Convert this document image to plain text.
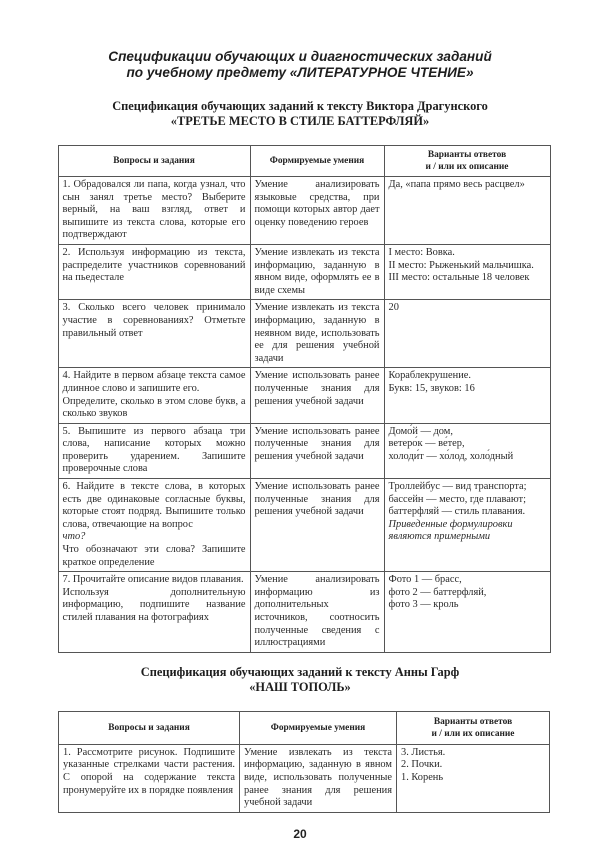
Спецификации обучающих и диагностических заданий
по учебному предмету «ЛИТЕРАТУРНОЕ ЧТЕНИЕ»
Спецификация обучающих заданий к тексту Виктора Драгунского
«ТРЕТЬЕ МЕСТО В СТИЛЕ БАТТЕРФЛЯЙ»
Вопросы и задания	Формируемые умения	Варианты ответов
и / или их описание

1. Обрадовался ли папа, когда узнал, что сын занял третье место? Выберите верный, на ваш взгляд, ответ и выпишите из текста слова, которые его подтверждают	Умение анализировать языковые средства, при помощи которых автор дает оценку поведению героев	Да, «папа прямо весь расцвел»

2. Используя информацию из текста, распределите участников соревнований на пьедестале	Умение извлекать из текста информацию, заданную в явном виде, оформлять ее в виде схемы	I место: Вовка.
II место: Рыженький мальчишка.
III место: остальные 18 человек

3. Сколько всего человек принимало участие в соревнованиях? Отметьте правильный ответ	Умение извлекать из текста информацию, заданную в неявном виде, использовать ее для решения учебной задачи	20

4. Найдите в первом абзаце текста самое длинное слово и запишите его.
Определите, сколько в этом слове букв, а сколько звуков	Умение использовать ранее полученные знания для решения учебной задачи	Кораблекрушение.
Букв: 15, звуков: 16

5. Выпишите из первого абзаца три слова, написание которых можно проверить ударением. Запишите проверочные слова	Умение использовать ранее полученные знания для решения учебной задачи	Домо́й — дом,
ветеро́к — ве́тер,
холоди́т — хо́лод, холо́дный

6. Найдите в тексте слова, в которых есть две одинаковые согласные буквы, которые стоят подряд. Выпишите только слова, отвечающие на вопрос
что?
Что обозначают эти слова? Запишите краткое определение	Умение использовать ранее полученные знания для решения учебной задачи	Троллейбус — вид транспорта;
бассейн — место, где плавают;
баттерфляй — стиль плавания.
Приведенные формулировки являются примерными

7. Прочитайте описание видов плавания.
Используя дополнительную информацию, подпишите название стилей плавания на фотографиях	Умение анализировать информацию из дополнительных источников, соотносить полученные сведения с иллюстрациями	Фото 1 — брасс,
фото 2 — баттерфляй,
фото 3 — кроль
Спецификация обучающих заданий к тексту Анны Гарф
«НАШ ТОПОЛЬ»
Вопросы и задания	Формируемые умения	Варианты ответов
и / или их описание

1. Рассмотрите рисунок. Подпишите указанные стрелками части растения. С опорой на содержание текста пронумеруйте их в порядке появления	Умение извлекать из текста информацию, заданную в явном виде, использовать полученные ранее знания для решения учебной задачи	3. Листья.
2. Почки.
1. Корень
20
